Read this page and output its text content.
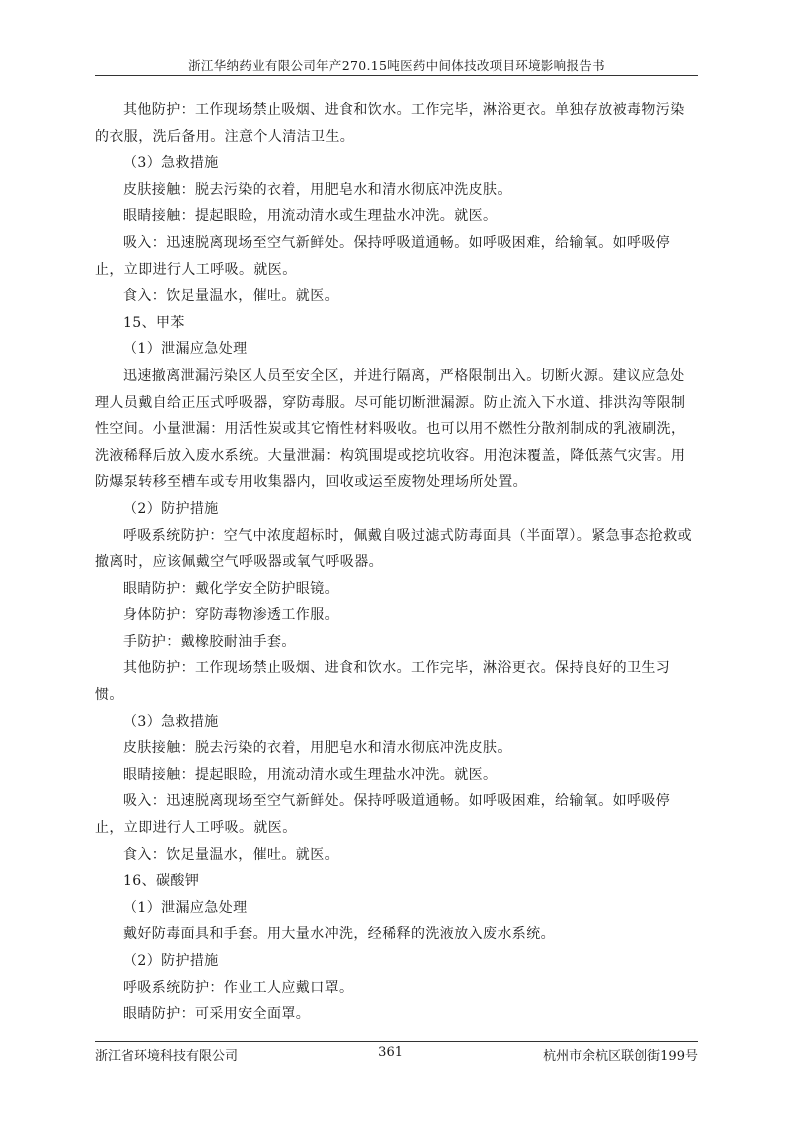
浙江华纳药业有限公司年产270.15吨医药中间体技改项目环境影响报告书

其他防护：工作现场禁止吸烟、进食和饮水。工作完毕，淋浴更衣。单独存放被毒物污染的衣服，洗后备用。注意个人清洁卫生。

（3）急救措施

皮肤接触：脱去污染的衣着，用肥皂水和清水彻底冲洗皮肤。

眼睛接触：提起眼睑，用流动清水或生理盐水冲洗。就医。

吸入：迅速脱离现场至空气新鲜处。保持呼吸道通畅。如呼吸困难，给输氧。如呼吸停止，立即进行人工呼吸。就医。

食入：饮足量温水，催吐。就医。

15、甲苯

（1）泄漏应急处理

迅速撤离泄漏污染区人员至安全区，并进行隔离，严格限制出入。切断火源。建议应急处理人员戴自给正压式呼吸器，穿防毒服。尽可能切断泄漏源。防止流入下水道、排洪沟等限制性空间。小量泄漏：用活性炭或其它惰性材料吸收。也可以用不燃性分散剂制成的乳液刷洗，洗液稀释后放入废水系统。大量泄漏：构筑围堤或挖坑收容。用泡沫覆盖，降低蒸气灾害。用防爆泵转移至槽车或专用收集器内，回收或运至废物处理场所处置。

（2）防护措施

呼吸系统防护：空气中浓度超标时，佩戴自吸过滤式防毒面具（半面罩）。紧急事态抢救或撤离时，应该佩戴空气呼吸器或氧气呼吸器。

眼睛防护：戴化学安全防护眼镜。

身体防护：穿防毒物渗透工作服。

手防护：戴橡胶耐油手套。

其他防护：工作现场禁止吸烟、进食和饮水。工作完毕，淋浴更衣。保持良好的卫生习惯。

（3）急救措施

皮肤接触：脱去污染的衣着，用肥皂水和清水彻底冲洗皮肤。

眼睛接触：提起眼睑，用流动清水或生理盐水冲洗。就医。

吸入：迅速脱离现场至空气新鲜处。保持呼吸道通畅。如呼吸困难，给输氧。如呼吸停止，立即进行人工呼吸。就医。

食入：饮足量温水，催吐。就医。

16、碳酸钾

（1）泄漏应急处理

戴好防毒面具和手套。用大量水冲洗，经稀释的洗液放入废水系统。

（2）防护措施

呼吸系统防护：作业工人应戴口罩。

眼睛防护：可采用安全面罩。

浙江省环境科技有限公司	361	杭州市余杭区联创街199号
